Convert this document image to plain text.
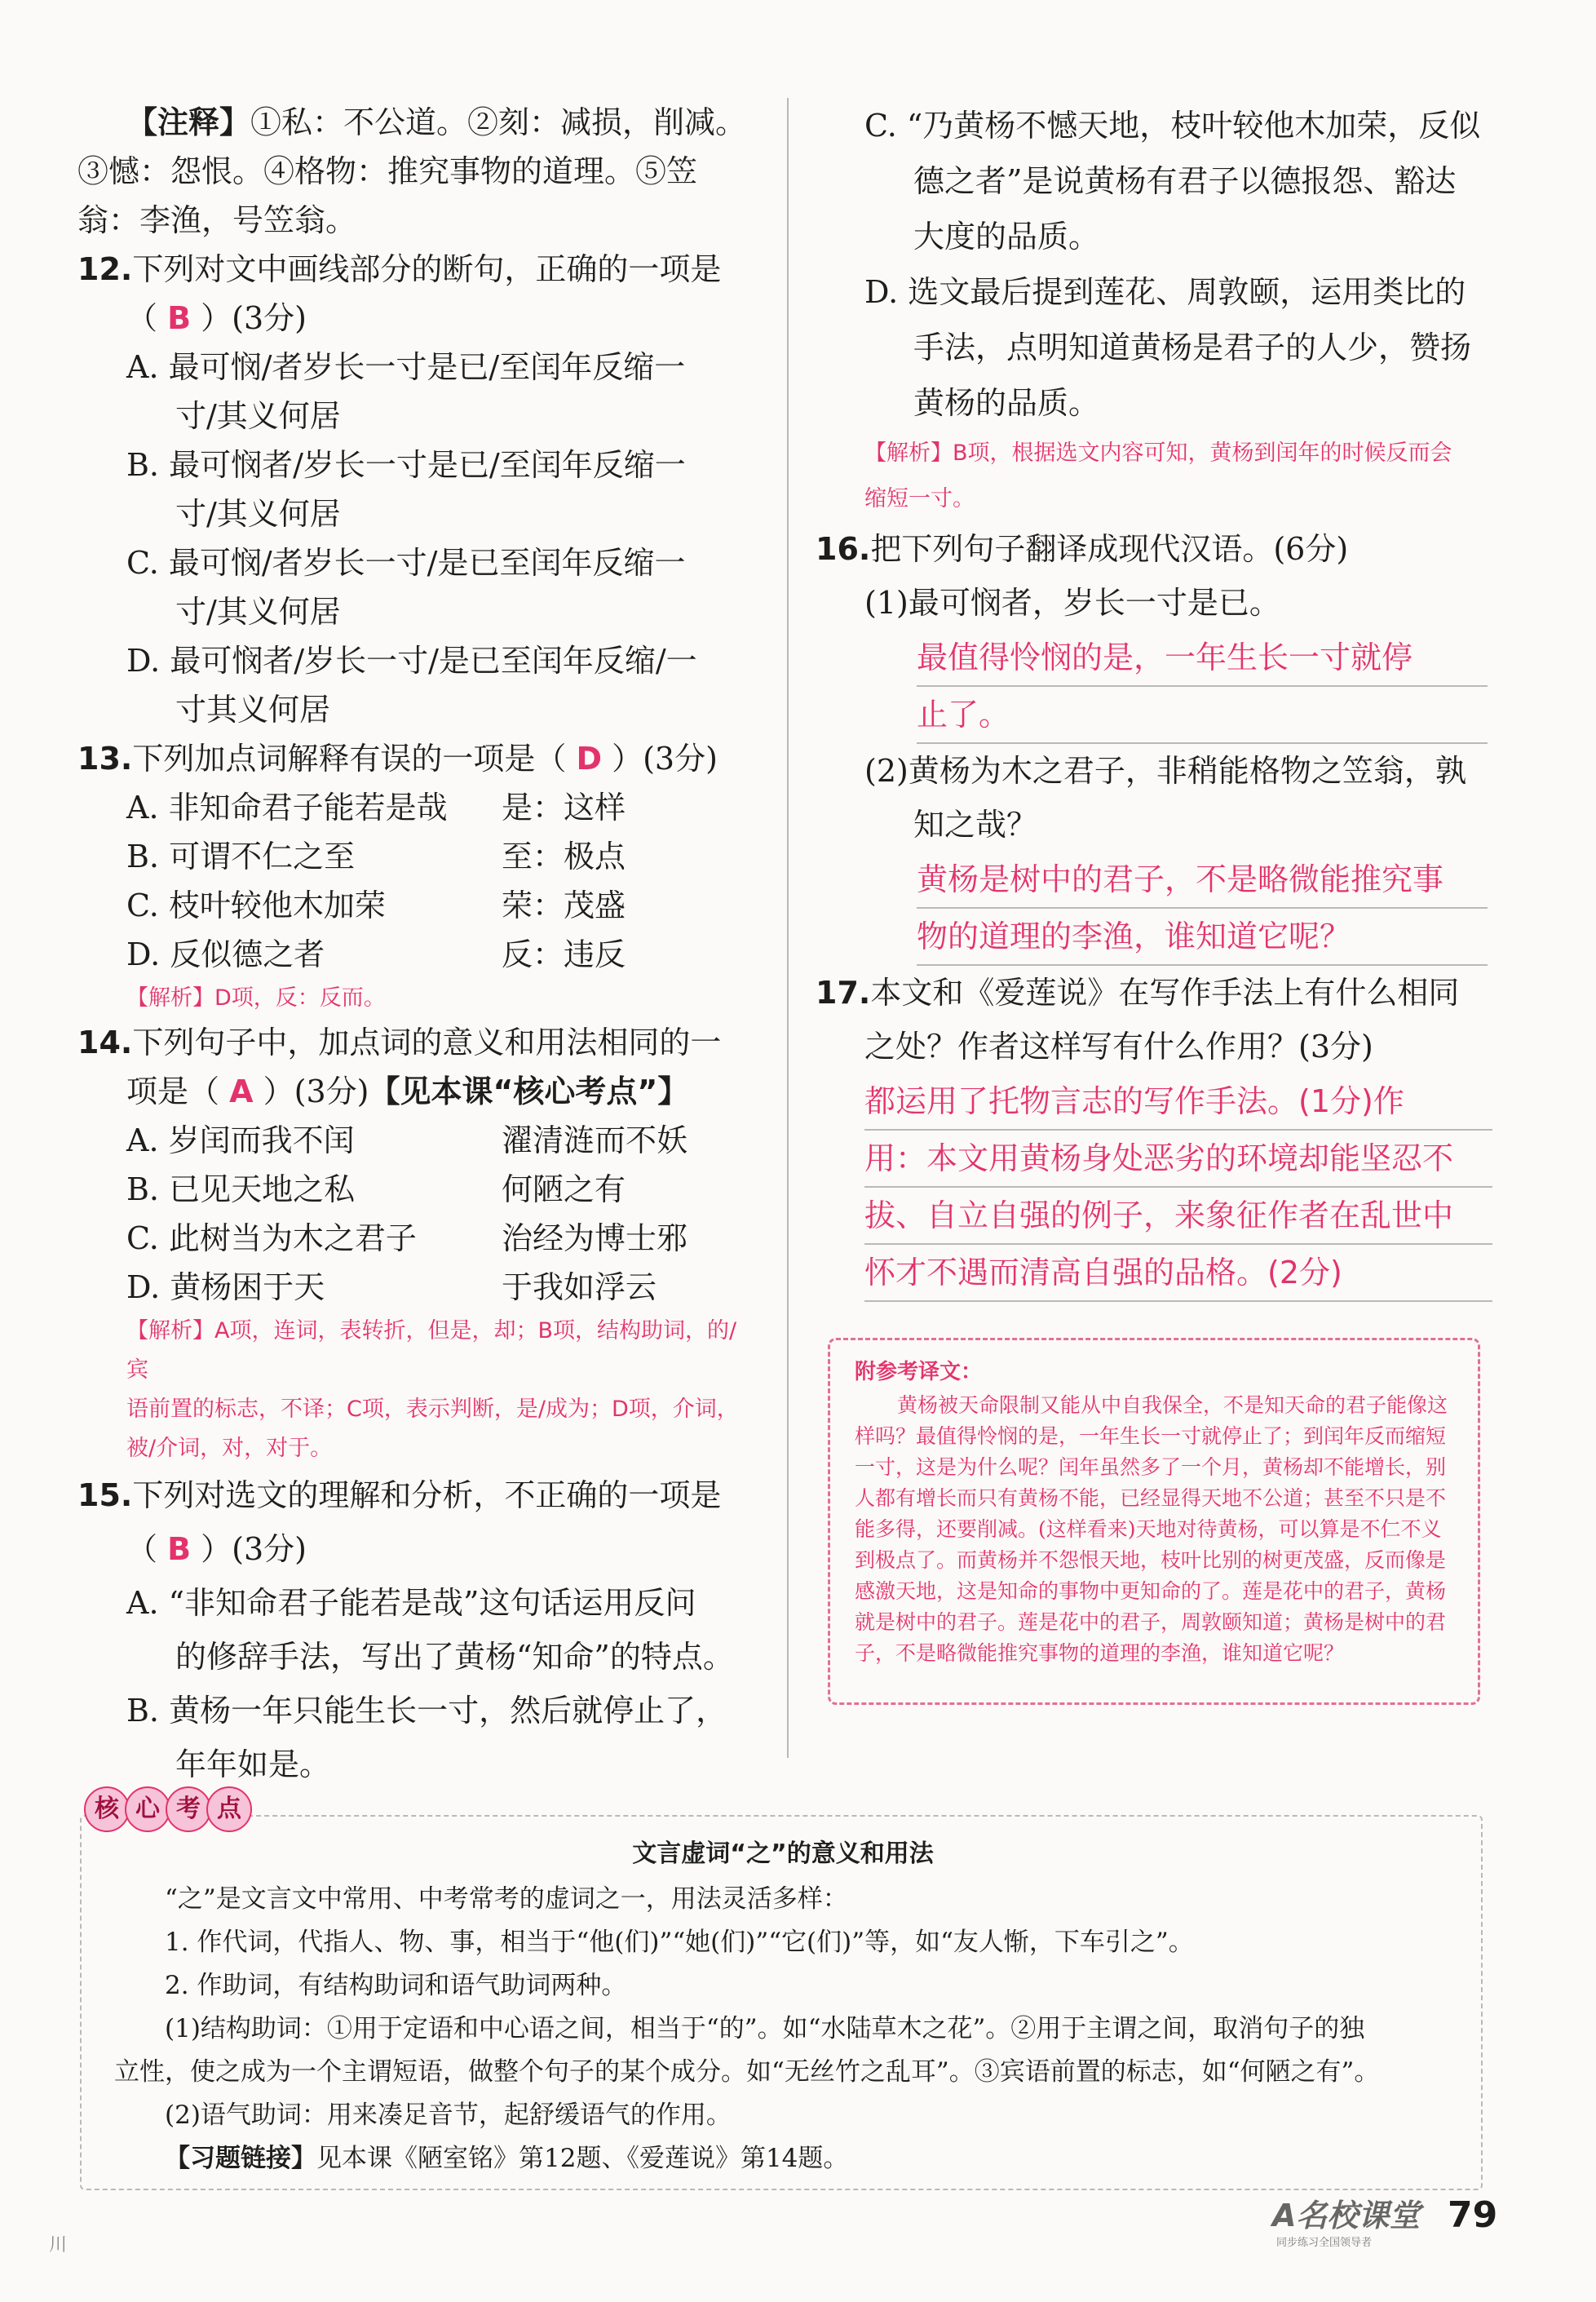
【注释】①私：不公道。②刻：减损，削减。

③憾：怨恨。④格物：推究事物的道理。⑤笠

翁：李渔，号笠翁。

12.下列对文中画线部分的断句，正确的一项是

（ B ）(3分)

A. 最可悯/者岁长一寸是已/至闰年反缩一

寸/其义何居

B. 最可悯者/岁长一寸是已/至闰年反缩一

寸/其义何居

C. 最可悯/者岁长一寸/是已至闰年反缩一

寸/其义何居

D. 最可悯者/岁长一寸/是已至闰年反缩/一

寸其义何居

13.下列加点词解释有误的一项是（ D ）(3分)

A. 非知命君子能若是哉	是：这样
B. 可谓不仁之至	至：极点
C. 枝叶较他木加荣	荣：茂盛
D. 反似德之者	反：违反

【解析】D项，反：反而。

14.下列句子中，加点词的意义和用法相同的一

项是（ A ）(3分)【见本课“核心考点”】

A. 岁闰而我不闰	濯清涟而不妖
B. 已见天地之私	何陋之有
C. 此树当为木之君子	治经为博士邪
D. 黄杨困于天	于我如浮云

【解析】A项，连词，表转折，但是，却；B项，结构助词，的/宾

语前置的标志，不译；C项，表示判断，是/成为；D项，介词，

被/介词，对，对于。

15.下列对选文的理解和分析，不正确的一项是

（ B ）(3分)

A. “非知命君子能若是哉”这句话运用反问

的修辞手法，写出了黄杨“知命”的特点。

B. 黄杨一年只能生长一寸，然后就停止了，

年年如是。

C. “乃黄杨不憾天地，枝叶较他木加荣，反似

德之者”是说黄杨有君子以德报怨、豁达

大度的品质。

D. 选文最后提到莲花、周敦颐，运用类比的

手法，点明知道黄杨是君子的人少，赞扬

黄杨的品质。

【解析】B项，根据选文内容可知，黄杨到闰年的时候反而会

缩短一寸。

16.把下列句子翻译成现代汉语。(6分)

(1)最可悯者，岁长一寸是已。

最值得怜悯的是，一年生长一寸就停
止了。

(2)黄杨为木之君子，非稍能格物之笠翁，孰

知之哉？

黄杨是树中的君子，不是略微能推究事
物的道理的李渔，谁知道它呢？

17.本文和《爱莲说》在写作手法上有什么相同

之处？作者这样写有什么作用？(3分)

都运用了托物言志的写作手法。(1分)作
用：本文用黄杨身处恶劣的环境却能坚忍不
拔、自立自强的例子，来象征作者在乱世中
怀才不遇而清高自强的品格。(2分)

附参考译文：

黄杨被天命限制又能从中自我保全，不是知天命的君子能像这样吗？最值得怜悯的是，一年生长一寸就停止了；到闰年反而缩短一寸，这是为什么呢？闰年虽然多了一个月，黄杨却不能增长，别人都有增长而只有黄杨不能，已经显得天地不公道；甚至不只是不能多得，还要削减。(这样看来)天地对待黄杨，可以算是不仁不义到极点了。而黄杨并不怨恨天地，枝叶比别的树更茂盛，反而像是感激天地，这是知命的事物中更知命的了。莲是花中的君子，黄杨就是树中的君子。莲是花中的君子，周敦颐知道；黄杨是树中的君子，不是略微能推究事物的道理的李渔，谁知道它呢？

文言虚词“之”的意义和用法

“之”是文言文中常用、中考常考的虚词之一，用法灵活多样：

1. 作代词，代指人、物、事，相当于“他(们)”“她(们)”“它(们)”等，如“友人惭，下车引之”。

2. 作助词，有结构助词和语气助词两种。

(1)结构助词：①用于定语和中心语之间，相当于“的”。如“水陆草木之花”。②用于主谓之间，取消句子的独

立性，使之成为一个主谓短语，做整个句子的某个成分。如“无丝竹之乱耳”。③宾语前置的标志，如“何陋之有”。

(2)语气助词：用来凑足音节，起舒缓语气的作用。

【习题链接】见本课《陋室铭》第12题、《爱莲说》第14题。

核 心 考 点
川
A名校课堂
同步练习全国领导者
79
